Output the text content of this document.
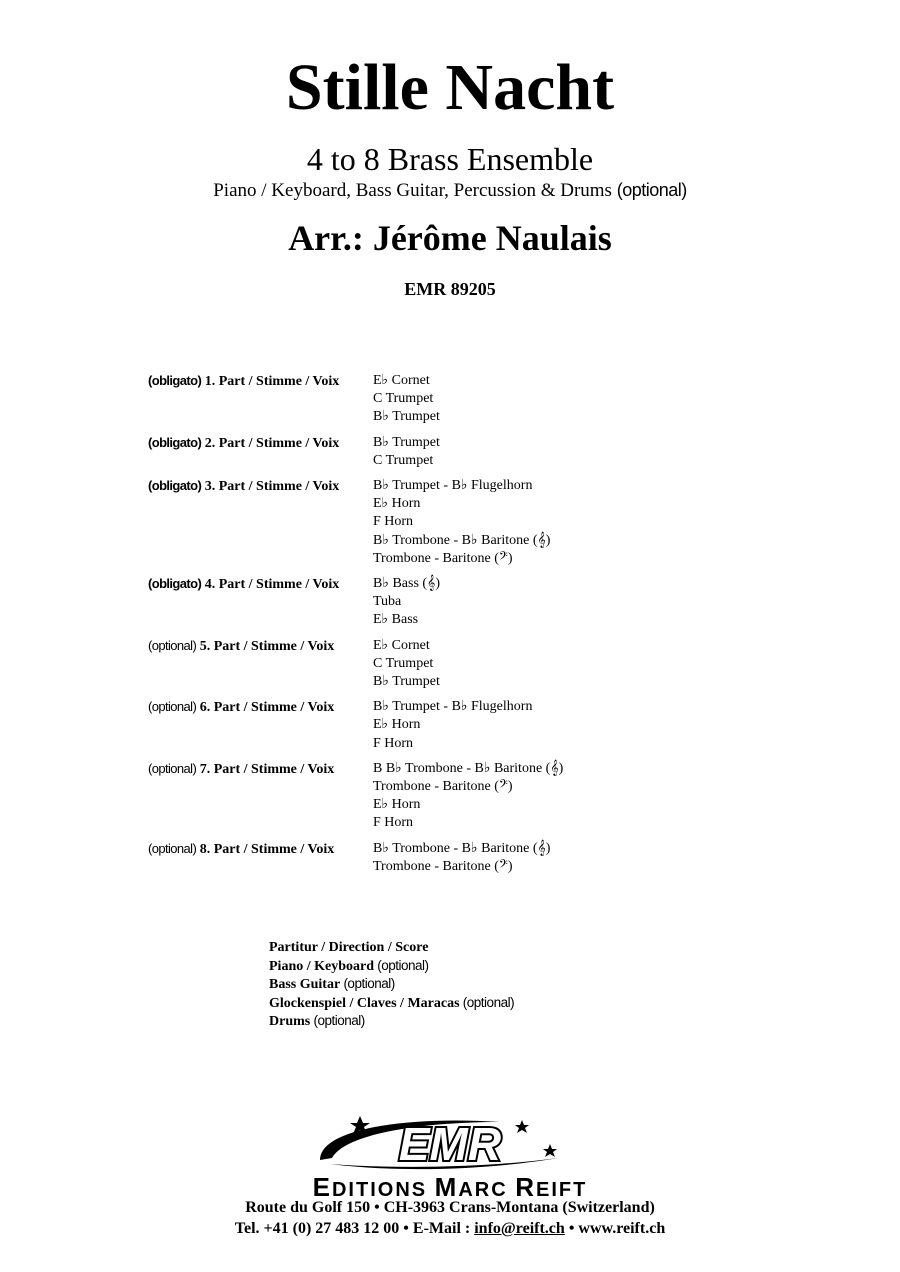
Stille Nacht
4 to 8 Brass Ensemble
Piano / Keyboard, Bass Guitar, Percussion & Drums (optional)
Arr.: Jérôme Naulais
EMR 89205
(obligato) 1. Part / Stimme / Voix	E♭ Cornet
C Trumpet
B♭ Trumpet
(obligato) 2. Part / Stimme / Voix	B♭ Trumpet
C Trumpet
(obligato) 3. Part / Stimme / Voix	B♭ Trumpet - B♭ Flugelhorn
E♭ Horn
F Horn
B♭ Trombone - B♭ Baritone (𝄞)
Trombone - Baritone (𝄢)
(obligato) 4. Part / Stimme / Voix	B♭ Bass (𝄞)
Tuba
E♭ Bass
(optional) 5. Part / Stimme / Voix	E♭ Cornet
C Trumpet
B♭ Trumpet
(optional) 6. Part / Stimme / Voix	B♭ Trumpet - B♭ Flugelhorn
E♭ Horn
F Horn
(optional) 7. Part / Stimme / Voix	B B♭ Trombone - B♭ Baritone (𝄞)
Trombone - Baritone (𝄢)
E♭ Horn
F Horn
(optional) 8. Part / Stimme / Voix	B♭ Trombone - B♭ Baritone (𝄞)
Trombone - Baritone (𝄢)
Partitur / Direction / Score
Piano / Keyboard (optional)
Bass Guitar (optional)
Glockenspiel / Claves / Maracas (optional)
Drums (optional)
EMR
EDITIONS MARC REIFT
Route du Golf 150 • CH-3963 Crans-Montana (Switzerland)
Tel. +41 (0) 27 483 12 00 • E-Mail : info@reift.ch • www.reift.ch
